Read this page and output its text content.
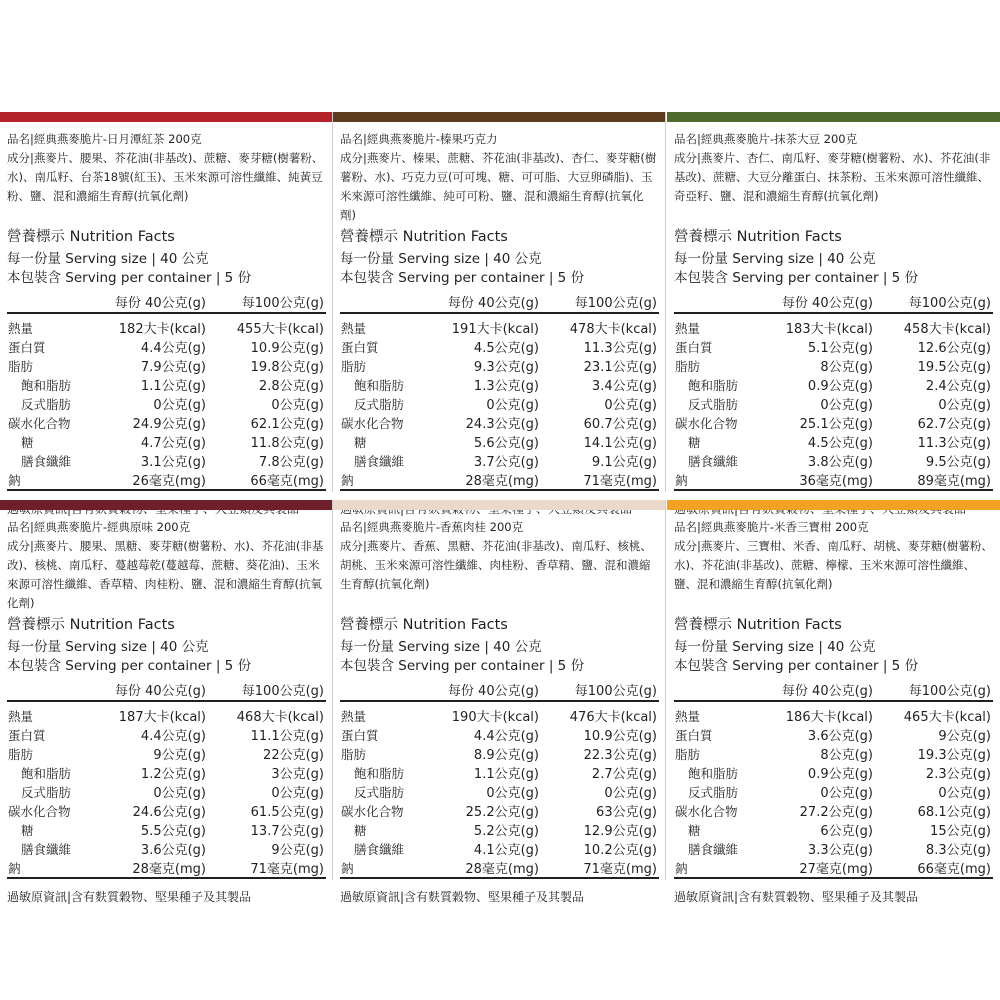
品名|經典燕麥脆片-日月潭紅茶 200克
成分|燕麥片、腰果、芥花油(非基改)、蔗糖、麥芽糖(樹薯粉、水)、南瓜籽、台茶18號(紅玉)、玉米來源可溶性纖維、純黃豆粉、鹽、混和濃縮生育醇(抗氧化劑)
營養標示 Nutrition Facts
每一份量 Serving size | 40 公克
本包裝含 Serving per container | 5 份
	每份 40公克(g)	每100公克(g)
熱量	182大卡(kcal)	455大卡(kcal)
蛋白質	4.4公克(g)	10.9公克(g)
脂肪	7.9公克(g)	19.8公克(g)
飽和脂肪	1.1公克(g)	2.8公克(g)
反式脂肪	0公克(g)	0公克(g)
碳水化合物	24.9公克(g)	62.1公克(g)
糖	4.7公克(g)	11.8公克(g)
膳食纖維	3.1公克(g)	7.8公克(g)
鈉	26毫克(mg)	66毫克(mg)
品名|經典燕麥脆片-榛果巧克力
成分|燕麥片、榛果、蔗糖、芥花油(非基改)、杏仁、麥芽糖(樹薯粉、水)、巧克力豆(可可塊、糖、可可脂、大豆卵磷脂)、玉米來源可溶性纖維、純可可粉、鹽、混和濃縮生育醇(抗氧化劑)
營養標示 Nutrition Facts
每一份量 Serving size | 40 公克
本包裝含 Serving per container | 5 份
	每份 40公克(g)	每100公克(g)
熱量	191大卡(kcal)	478大卡(kcal)
蛋白質	4.5公克(g)	11.3公克(g)
脂肪	9.3公克(g)	23.1公克(g)
飽和脂肪	1.3公克(g)	3.4公克(g)
反式脂肪	0公克(g)	0公克(g)
碳水化合物	24.3公克(g)	60.7公克(g)
糖	5.6公克(g)	14.1公克(g)
膳食纖維	3.7公克(g)	9.1公克(g)
鈉	28毫克(mg)	71毫克(mg)
品名|經典燕麥脆片-抹茶大豆 200克
成分|燕麥片、杏仁、南瓜籽、麥芽糖(樹薯粉、水)、芥花油(非基改)、蔗糖、大豆分離蛋白、抹茶粉、玉米來源可溶性纖維、奇亞籽、鹽、混和濃縮生育醇(抗氧化劑)
營養標示 Nutrition Facts
每一份量 Serving size | 40 公克
本包裝含 Serving per container | 5 份
	每份 40公克(g)	每100公克(g)
熱量	183大卡(kcal)	458大卡(kcal)
蛋白質	5.1公克(g)	12.6公克(g)
脂肪	8公克(g)	19.5公克(g)
飽和脂肪	0.9公克(g)	2.4公克(g)
反式脂肪	0公克(g)	0公克(g)
碳水化合物	25.1公克(g)	62.7公克(g)
糖	4.5公克(g)	11.3公克(g)
膳食纖維	3.8公克(g)	9.5公克(g)
鈉	36毫克(mg)	89毫克(mg)
品名|經典燕麥脆片-經典原味 200克
成分|燕麥片、腰果、黑糖、麥芽糖(樹薯粉、水)、芥花油(非基改)、核桃、南瓜籽、蔓越莓乾(蔓越莓、蔗糖、葵花油)、玉米來源可溶性纖維、香草精、肉桂粉、鹽、混和濃縮生育醇(抗氧化劑)
營養標示 Nutrition Facts
每一份量 Serving size | 40 公克
本包裝含 Serving per container | 5 份
	每份 40公克(g)	每100公克(g)
熱量	187大卡(kcal)	468大卡(kcal)
蛋白質	4.4公克(g)	11.1公克(g)
脂肪	9公克(g)	22公克(g)
飽和脂肪	1.2公克(g)	3公克(g)
反式脂肪	0公克(g)	0公克(g)
碳水化合物	24.6公克(g)	61.5公克(g)
糖	5.5公克(g)	13.7公克(g)
膳食纖維	3.6公克(g)	9公克(g)
鈉	28毫克(mg)	71毫克(mg)
過敏原資訊|含有麩質穀物、堅果種子及其製品
品名|經典燕麥脆片-香蕉肉桂 200克
成分|燕麥片、香蕉、黑糖、芥花油(非基改)、南瓜籽、核桃、胡桃、玉米來源可溶性纖維、肉桂粉、香草精、鹽、混和濃縮生育醇(抗氧化劑)
營養標示 Nutrition Facts
每一份量 Serving size | 40 公克
本包裝含 Serving per container | 5 份
	每份 40公克(g)	每100公克(g)
熱量	190大卡(kcal)	476大卡(kcal)
蛋白質	4.4公克(g)	10.9公克(g)
脂肪	8.9公克(g)	22.3公克(g)
飽和脂肪	1.1公克(g)	2.7公克(g)
反式脂肪	0公克(g)	0公克(g)
碳水化合物	25.2公克(g)	63公克(g)
糖	5.2公克(g)	12.9公克(g)
膳食纖維	4.1公克(g)	10.2公克(g)
鈉	28毫克(mg)	71毫克(mg)
過敏原資訊|含有麩質穀物、堅果種子及其製品
品名|經典燕麥脆片-米香三寶柑 200克
成分|燕麥片、三寶柑、米香、南瓜籽、胡桃、麥芽糖(樹薯粉、水)、芥花油(非基改)、蔗糖、檸檬、玉米來源可溶性纖維、鹽、混和濃縮生育醇(抗氧化劑)
營養標示 Nutrition Facts
每一份量 Serving size | 40 公克
本包裝含 Serving per container | 5 份
	每份 40公克(g)	每100公克(g)
熱量	186大卡(kcal)	465大卡(kcal)
蛋白質	3.6公克(g)	9公克(g)
脂肪	8公克(g)	19.3公克(g)
飽和脂肪	0.9公克(g)	2.3公克(g)
反式脂肪	0公克(g)	0公克(g)
碳水化合物	27.2公克(g)	68.1公克(g)
糖	6公克(g)	15公克(g)
膳食纖維	3.3公克(g)	8.3公克(g)
鈉	27毫克(mg)	66毫克(mg)
過敏原資訊|含有麩質穀物、堅果種子及其製品
